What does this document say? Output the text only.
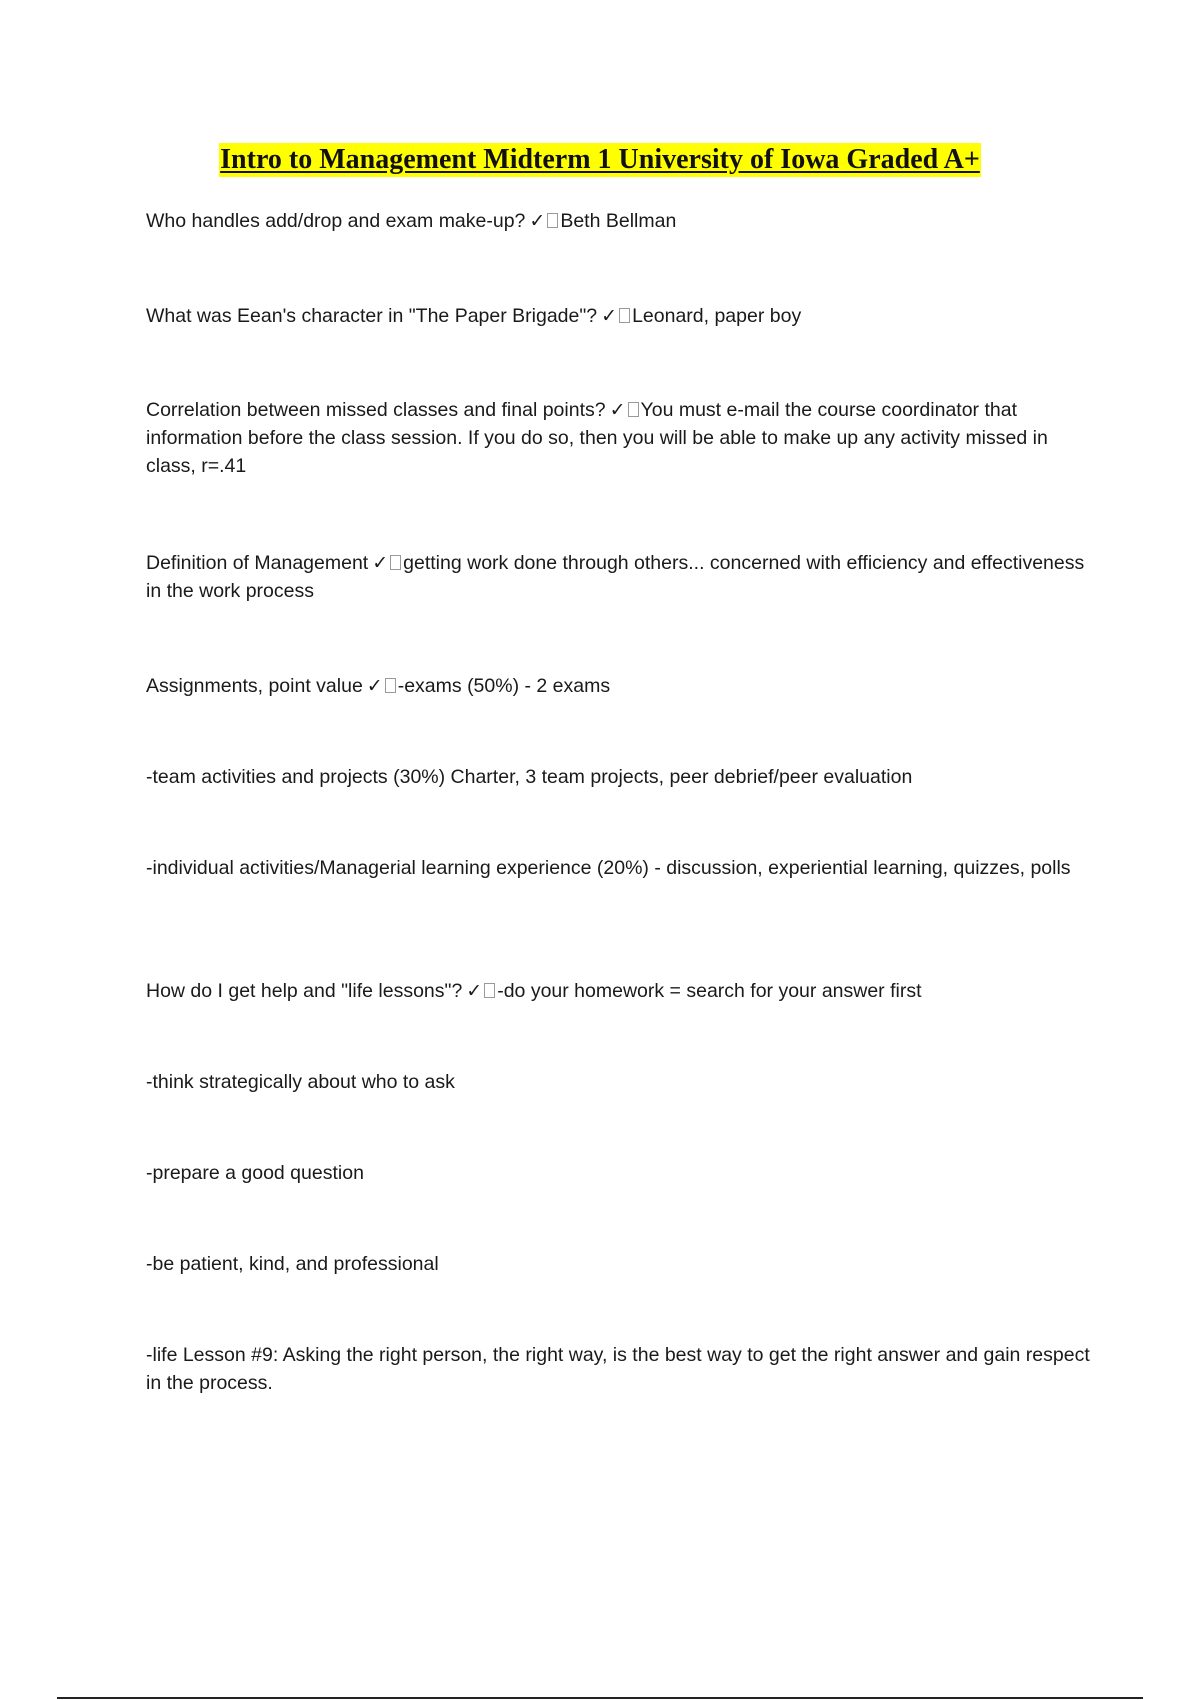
Intro to Management Midterm 1 University of Iowa Graded A+

Who handles add/drop and exam make-up? ✓ Beth Bellman

What was Eean's character in "The Paper Brigade"? ✓ Leonard, paper boy

Correlation between missed classes and final points? ✓ You must e-mail the course coordinator that information before the class session. If you do so, then you will be able to make up any activity missed in class, r=.41

Definition of Management ✓ getting work done through others... concerned with efficiency and effectiveness in the work process

Assignments, point value ✓ -exams (50%) - 2 exams

-team activities and projects (30%) Charter, 3 team projects, peer debrief/peer evaluation

-individual activities/Managerial learning experience (20%) - discussion, experiential learning, quizzes, polls

How do I get help and "life lessons"? ✓ -do your homework = search for your answer first

-think strategically about who to ask

-prepare a good question

-be patient, kind, and professional

-life Lesson #9: Asking the right person, the right way, is the best way to get the right answer and gain respect in the process.
